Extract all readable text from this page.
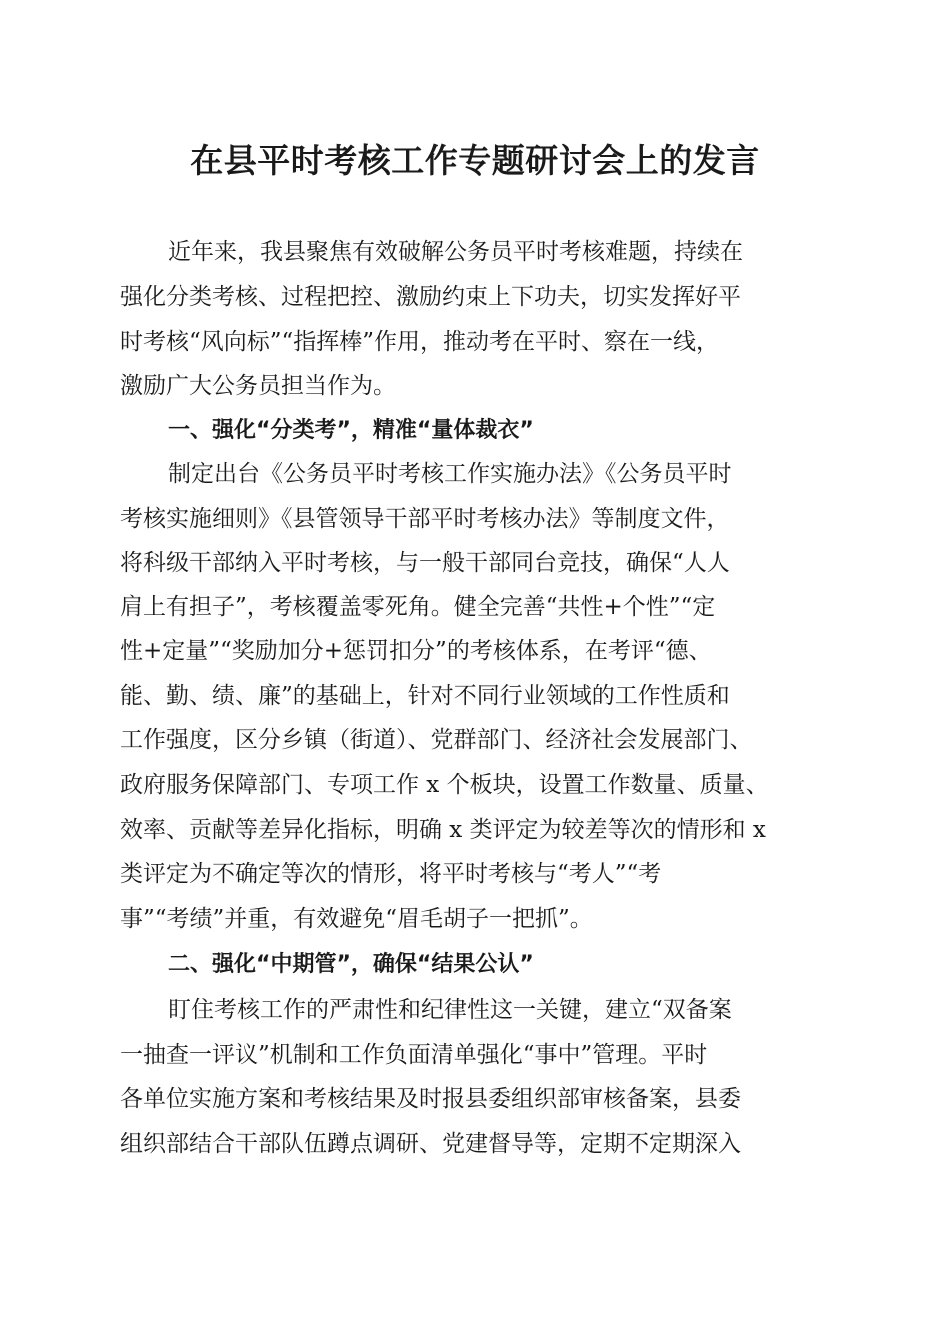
在县平时考核工作专题研讨会上的发言
近年来，我县聚焦有效破解公务员平时考核难题，持续在
强化分类考核、过程把控、激励约束上下功夫，切实发挥好平
时考核“风向标”“指挥棒”作用，推动考在平时、察在一线，
激励广大公务员担当作为。
一、强化“分类考”，精准“量体裁衣”
制定出台《公务员平时考核工作实施办法》《公务员平时
考核实施细则》《县管领导干部平时考核办法》等制度文件，
将科级干部纳入平时考核，与一般干部同台竞技，确保“人人
肩上有担子”，考核覆盖零死角。健全完善“共性+个性”“定
性+定量”“奖励加分+惩罚扣分”的考核体系，在考评“德、
能、勤、绩、廉”的基础上，针对不同行业领域的工作性质和
工作强度，区分乡镇（街道）、党群部门、经济社会发展部门、
政府服务保障部门、专项工作 x 个板块，设置工作数量、质量、
效率、贡献等差异化指标，明确 x 类评定为较差等次的情形和 x
类评定为不确定等次的情形，将平时考核与“考人”“考
事”“考绩”并重，有效避免“眉毛胡子一把抓”。
二、强化“中期管”，确保“结果公认”
盯住考核工作的严肃性和纪律性这一关键，建立“双备案
一抽查一评议”机制和工作负面清单强化“事中”管理。平时
各单位实施方案和考核结果及时报县委组织部审核备案，县委
组织部结合干部队伍蹲点调研、党建督导等，定期不定期深入
